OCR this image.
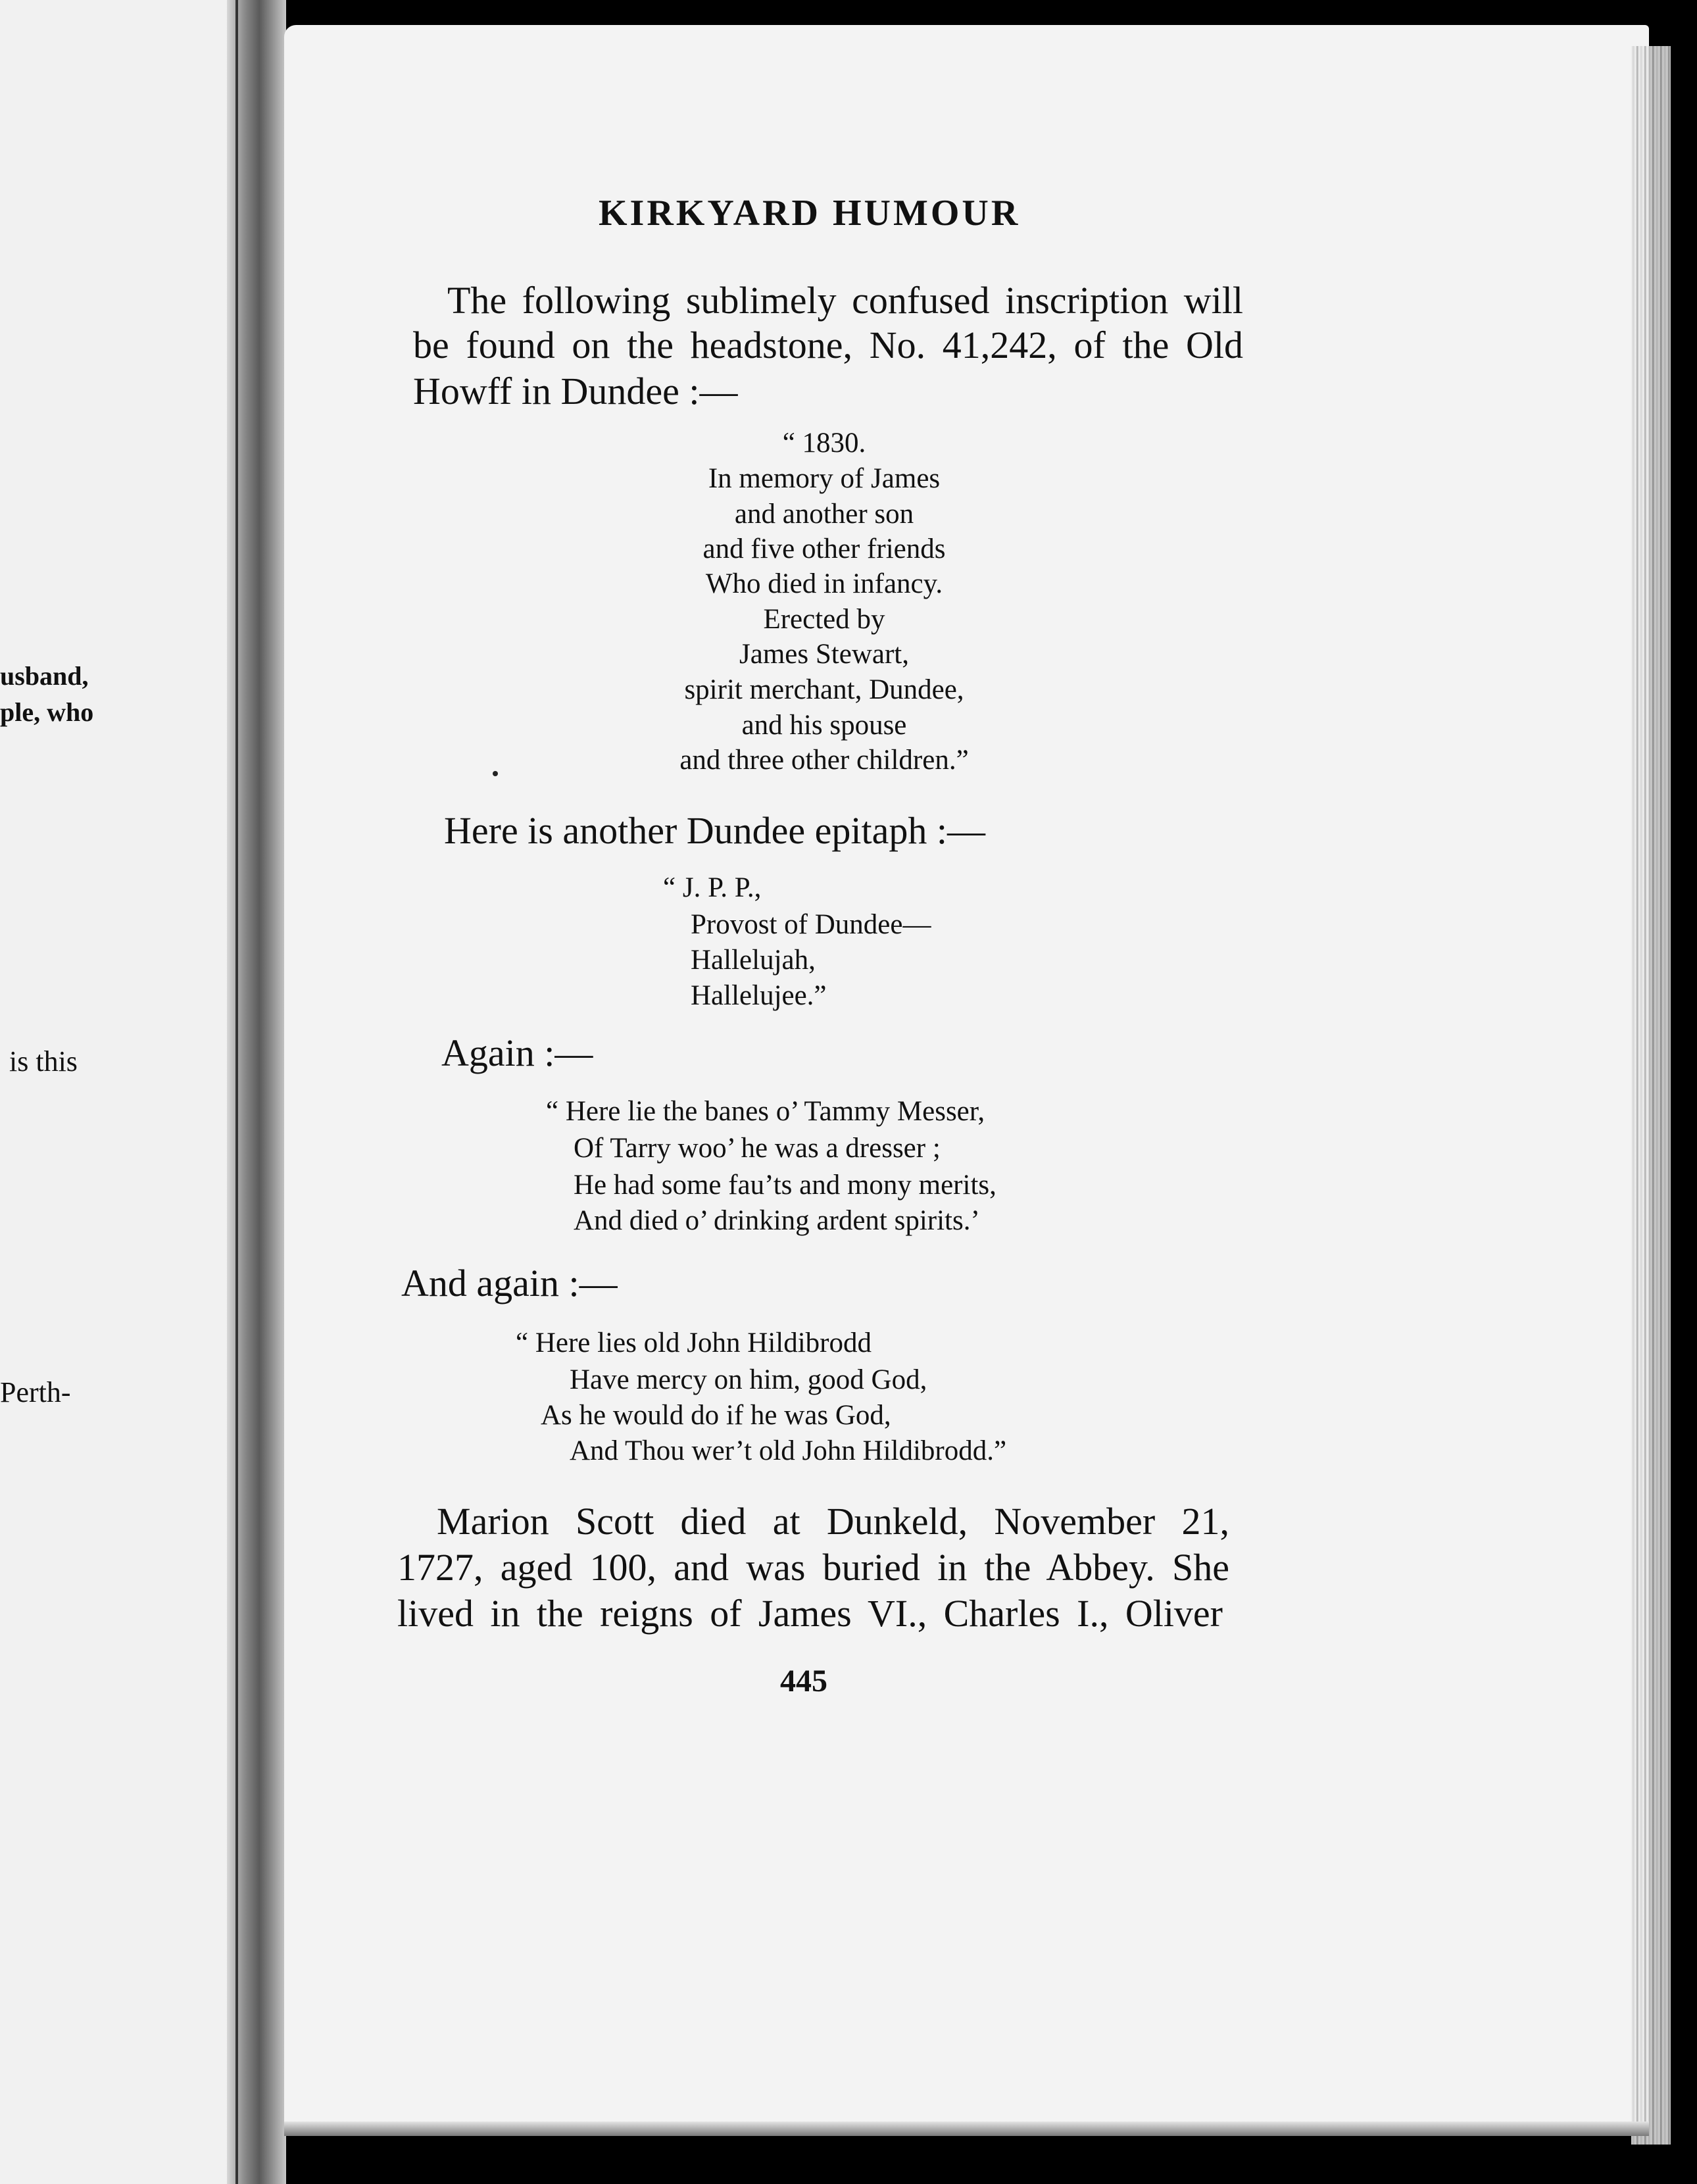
usband,
ple, who
is this
Perth-
KIRKYARD HUMOUR
The following sublimely confused inscription will
be found on the headstone, No. 41,242, of the Old
Howff in Dundee :—
“ 1830.
In memory of James
and another son
and five other friends
Who died in infancy.
Erected by
James Stewart,
spirit merchant, Dundee,
and his spouse
and three other children.”
Here is another Dundee epitaph :—
“ J. P. P.,
Provost of Dundee—
Hallelujah,
Hallelujee.”
Again :—
“ Here lie the banes o’ Tammy Messer,
Of Tarry woo’ he was a dresser ;
He had some fau’ts and mony merits,
And died o’ drinking ardent spirits.’
And again :—
“ Here lies old John Hildibrodd
Have mercy on him, good God,
As he would do if he was God,
And Thou wer’t old John Hildibrodd.”
Marion Scott died at Dunkeld, November 21,
1727, aged 100, and was buried in the Abbey. She
lived in the reigns of James VI., Charles I., Oliver
445
